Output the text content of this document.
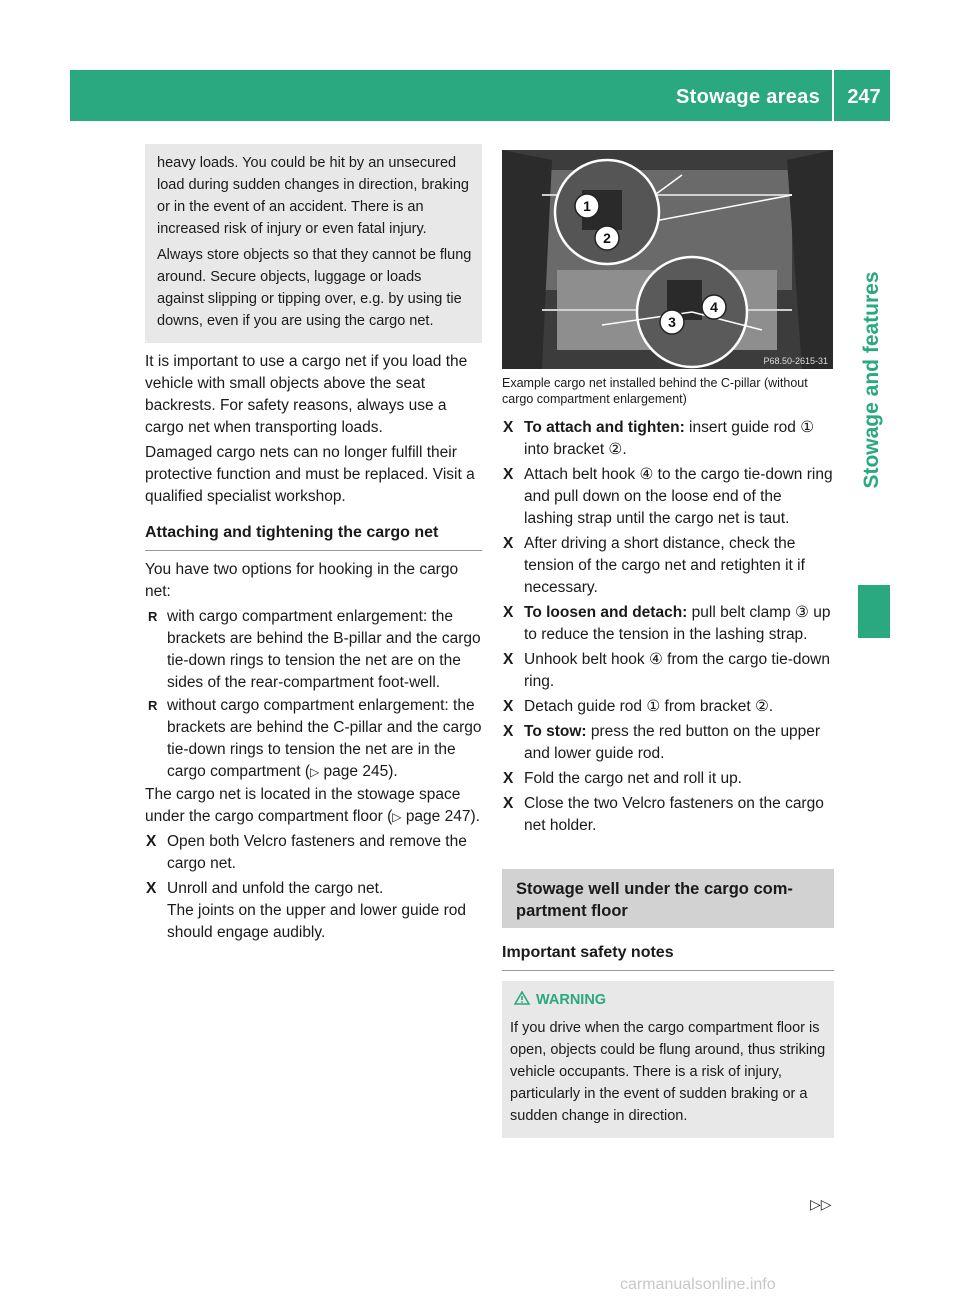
Stowage areas	247
Stowage and features

heavy loads. You could be hit by an unsecured load during sudden changes in direction, braking or in the event of an accident. There is an increased risk of injury or even fatal injury.

Always store objects so that they cannot be flung around. Secure objects, luggage or loads against slipping or tipping over, e.g. by using tie downs, even if you are using the cargo net.

It is important to use a cargo net if you load the vehicle with small objects above the seat backrests. For safety reasons, always use a cargo net when transporting loads.

Damaged cargo nets can no longer fulfill their protective function and must be replaced. Visit a qualified specialist workshop.

Attaching and tightening the cargo net

You have two options for hooking in the cargo net:

R with cargo compartment enlargement: the brackets are behind the B-pillar and the cargo tie-down rings to tension the net are on the sides of the rear-compartment foot-well.
R without cargo compartment enlargement: the brackets are behind the C-pillar and the cargo tie-down rings to tension the net are in the cargo compartment (▷ page 245).

The cargo net is located in the stowage space under the cargo compartment floor (▷ page 247).

X Open both Velcro fasteners and remove the cargo net.
X Unroll and unfold the cargo net.
The joints on the upper and lower guide rod should engage audibly.
1
2
3
4
P68.50-2615-31

Example cargo net installed behind the C-pillar (without cargo compartment enlargement)

X To attach and tighten: insert guide rod ① into bracket ②.
X Attach belt hook ④ to the cargo tie-down ring and pull down on the loose end of the lashing strap until the cargo net is taut.
X After driving a short distance, check the tension of the cargo net and retighten it if necessary.
X To loosen and detach: pull belt clamp ③ up to reduce the tension in the lashing strap.
X Unhook belt hook ④ from the cargo tie-down ring.
X Detach guide rod ① from bracket ②.
X To stow: press the red button on the upper and lower guide rod.
X Fold the cargo net and roll it up.
X Close the two Velcro fasteners on the cargo net holder.
Stowage well under the cargo com-partment floor
Important safety notes
WARNING

If you drive when the cargo compartment floor is open, objects could be flung around, thus striking vehicle occupants. There is a risk of injury, particularly in the event of sudden braking or a sudden change in direction.

▷▷
carmanualsonline.info
